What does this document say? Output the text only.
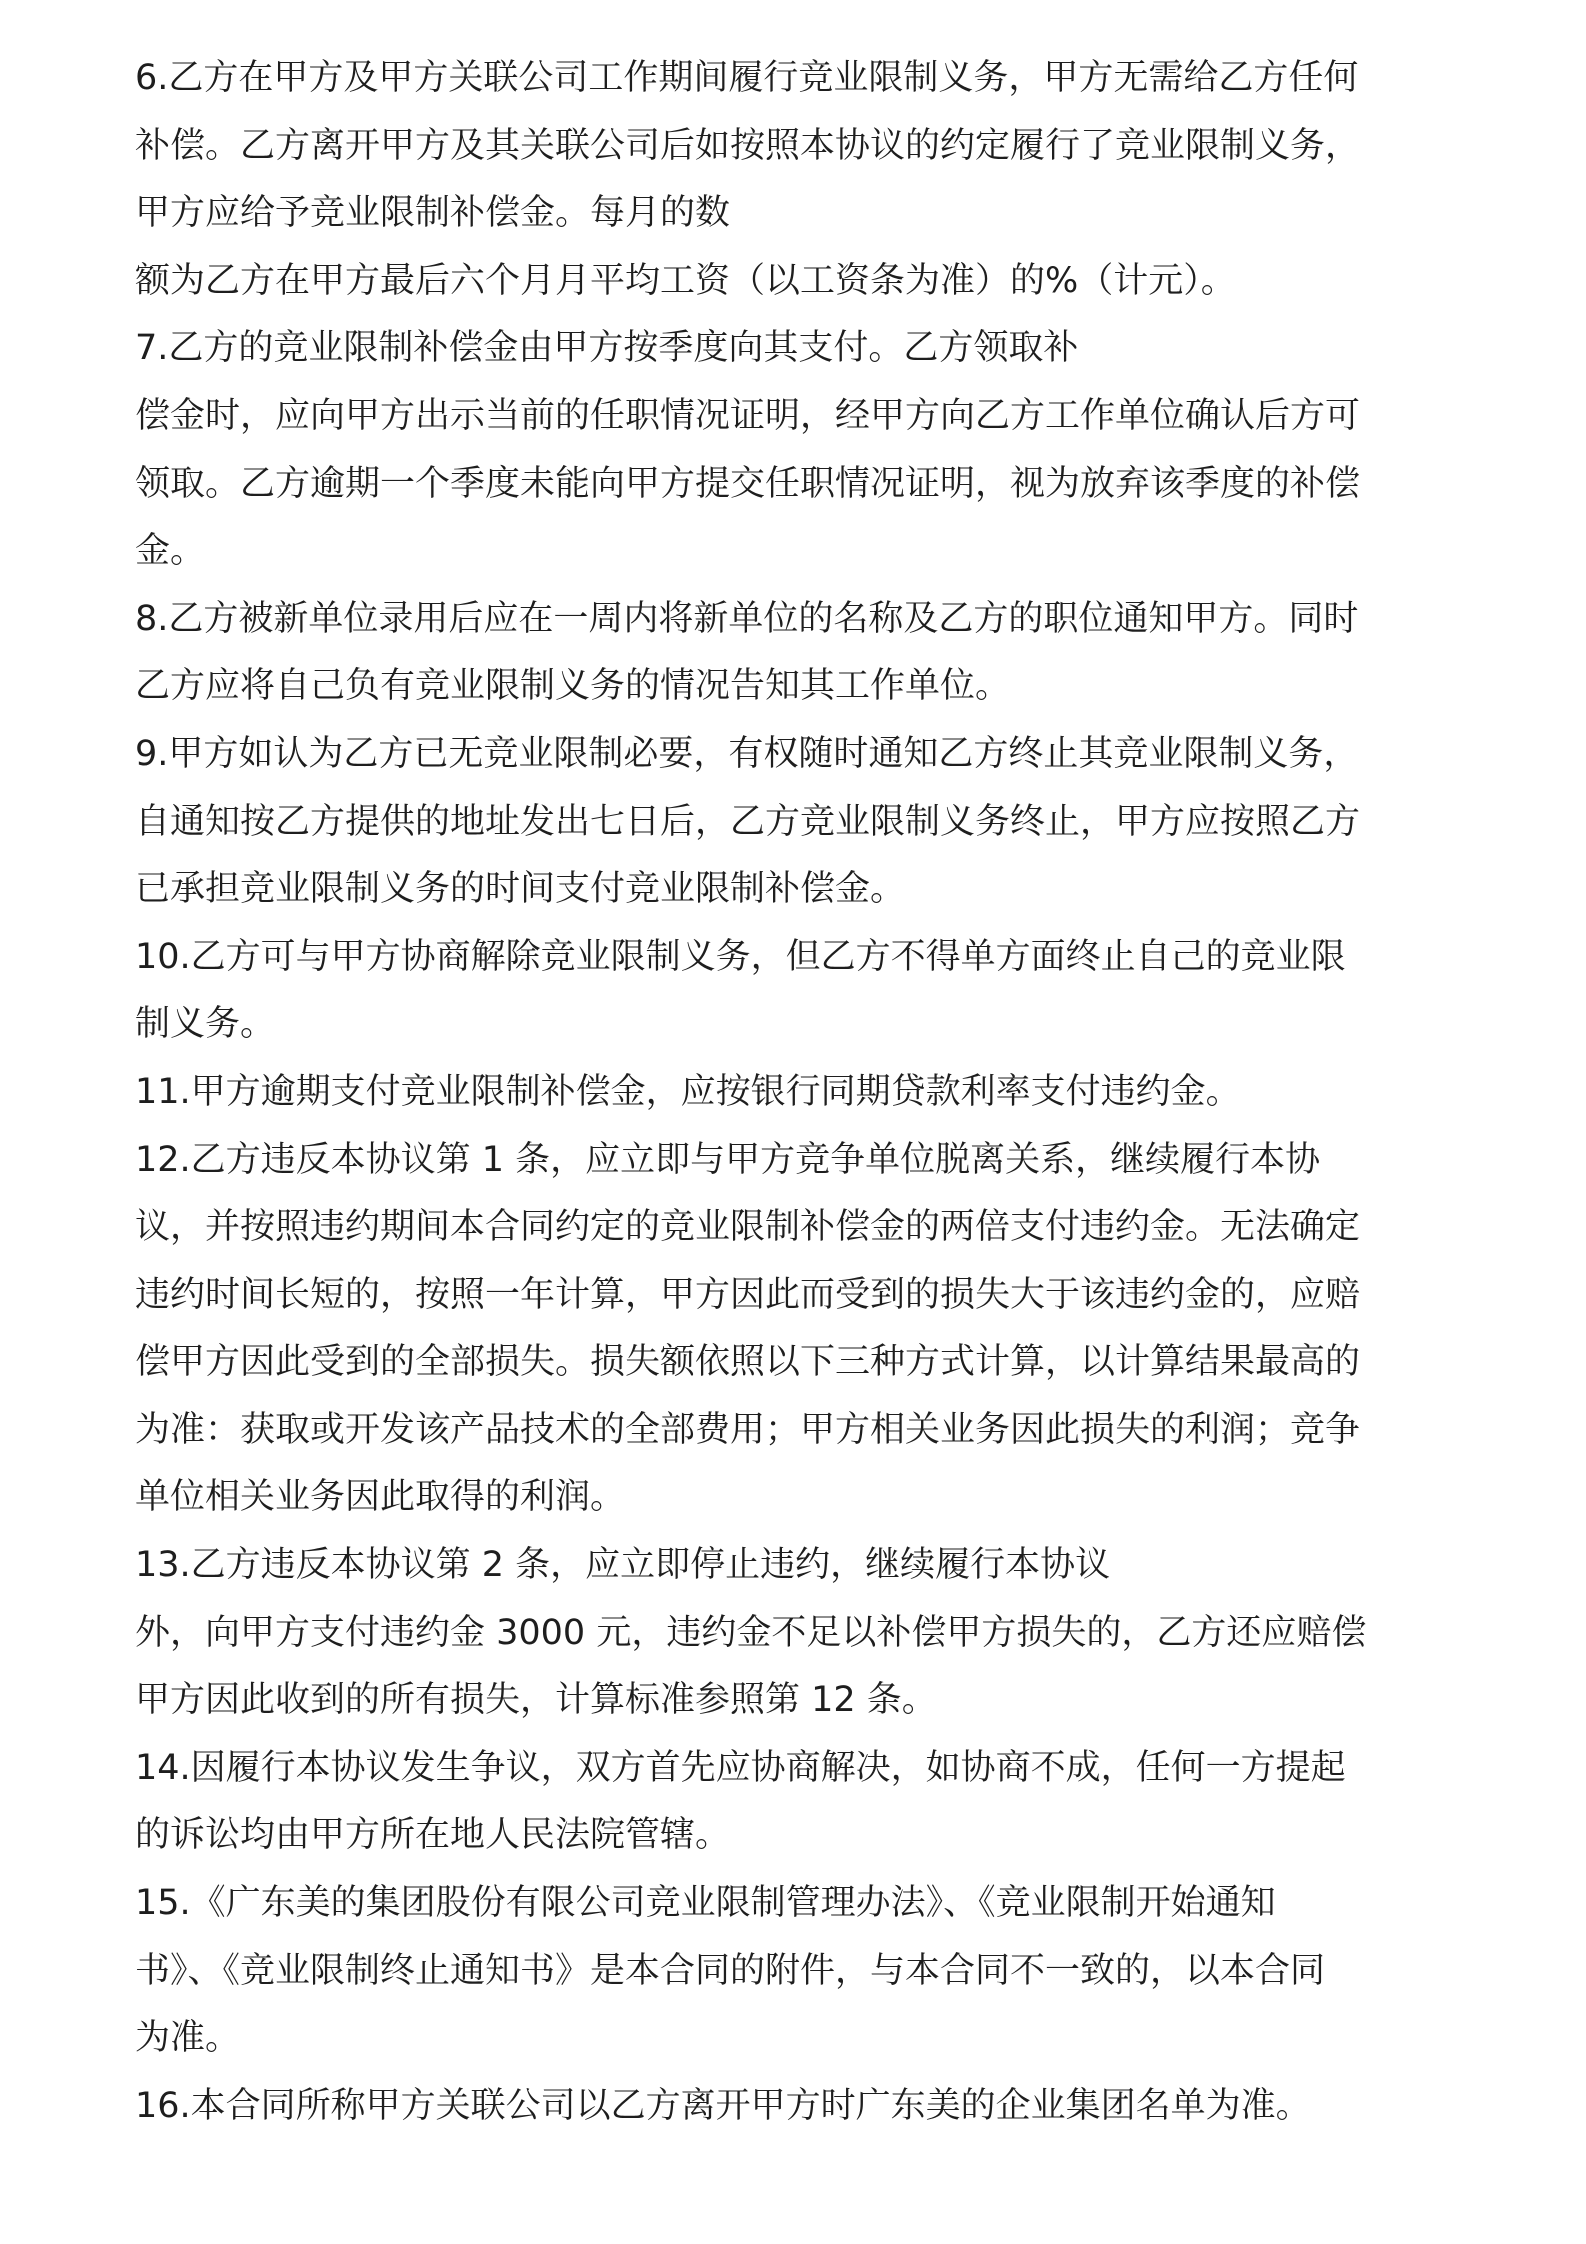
6.乙方在甲方及甲方关联公司工作期间履行竞业限制义务，甲方无需给乙方任何
补偿。乙方离开甲方及其关联公司后如按照本协议的约定履行了竞业限制义务，
甲方应给予竞业限制补偿金。每月的数
额为乙方在甲方最后六个月月平均工资（以工资条为准）的%（计元）。
7.乙方的竞业限制补偿金由甲方按季度向其支付。乙方领取补
偿金时，应向甲方出示当前的任职情况证明，经甲方向乙方工作单位确认后方可
领取。乙方逾期一个季度未能向甲方提交任职情况证明，视为放弃该季度的补偿
金。
8.乙方被新单位录用后应在一周内将新单位的名称及乙方的职位通知甲方。同时
乙方应将自己负有竞业限制义务的情况告知其工作单位。
9.甲方如认为乙方已无竞业限制必要，有权随时通知乙方终止其竞业限制义务，
自通知按乙方提供的地址发出七日后，乙方竞业限制义务终止，甲方应按照乙方
已承担竞业限制义务的时间支付竞业限制补偿金。
10.乙方可与甲方协商解除竞业限制义务，但乙方不得单方面终止自己的竞业限
制义务。
11.甲方逾期支付竞业限制补偿金，应按银行同期贷款利率支付违约金。
12.乙方违反本协议第 1 条，应立即与甲方竞争单位脱离关系，继续履行本协
议，并按照违约期间本合同约定的竞业限制补偿金的两倍支付违约金。无法确定
违约时间长短的，按照一年计算，甲方因此而受到的损失大于该违约金的，应赔
偿甲方因此受到的全部损失。损失额依照以下三种方式计算，以计算结果最高的
为准：获取或开发该产品技术的全部费用；甲方相关业务因此损失的利润；竞争
单位相关业务因此取得的利润。
13.乙方违反本协议第 2 条，应立即停止违约，继续履行本协议
外，向甲方支付违约金 3000 元，违约金不足以补偿甲方损失的，乙方还应赔偿
甲方因此收到的所有损失，计算标准参照第 12 条。
14.因履行本协议发生争议，双方首先应协商解决，如协商不成，任何一方提起
的诉讼均由甲方所在地人民法院管辖。
15.《广东美的集团股份有限公司竞业限制管理办法》、《竞业限制开始通知
书》、《竞业限制终止通知书》是本合同的附件，与本合同不一致的，以本合同
为准。
16.本合同所称甲方关联公司以乙方离开甲方时广东美的企业集团名单为准。
